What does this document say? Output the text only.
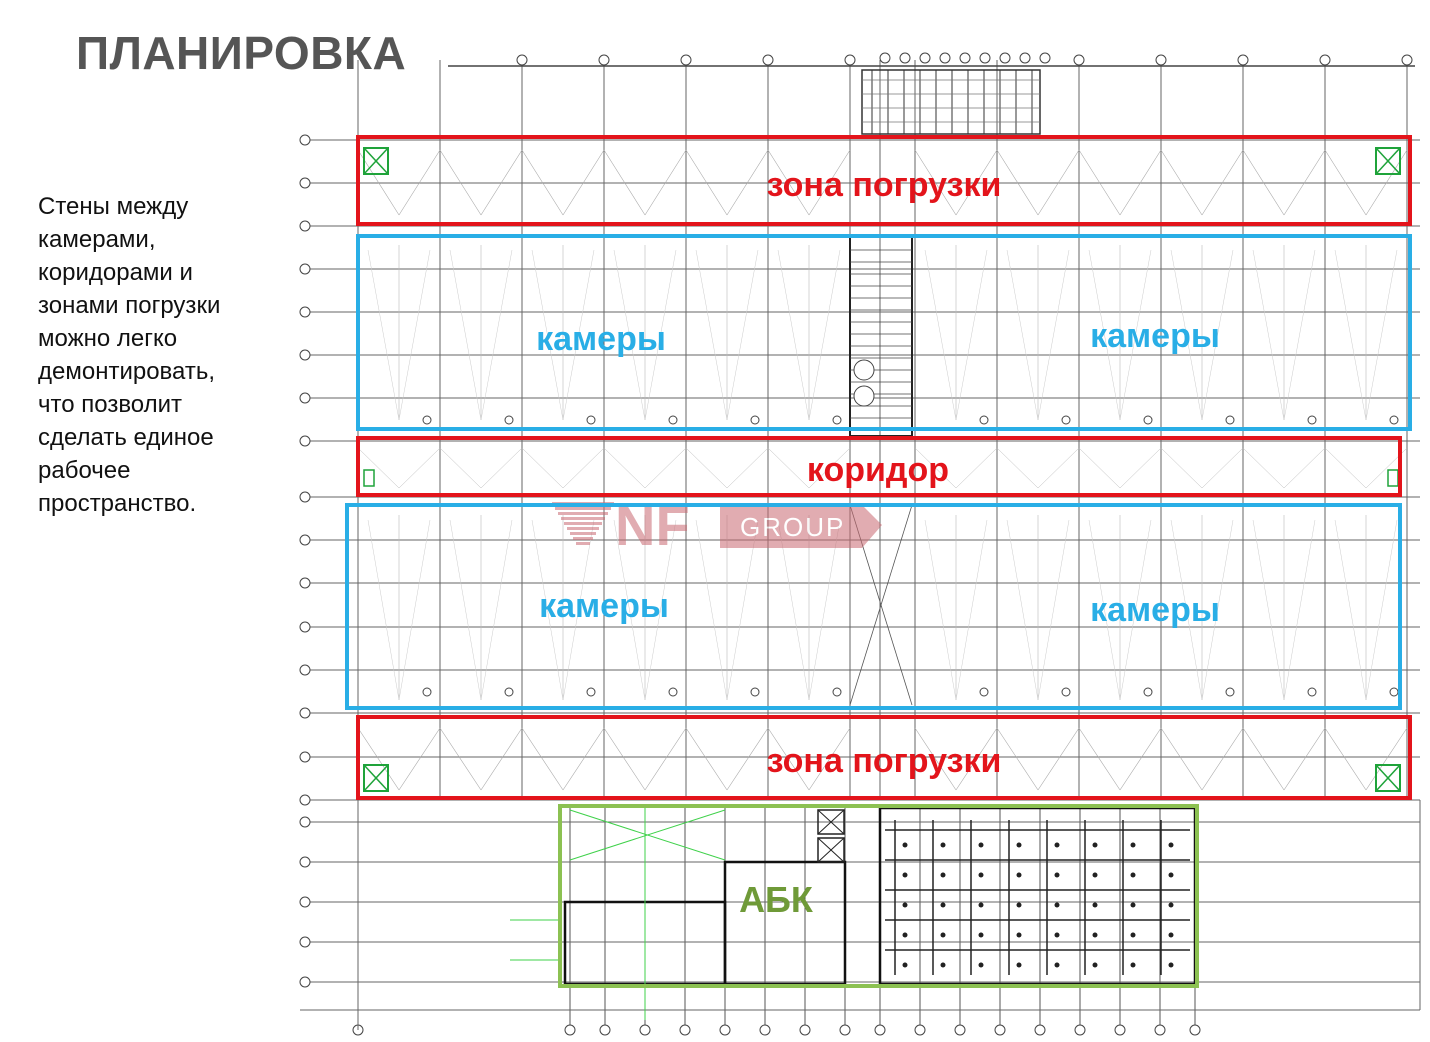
ПЛАНИРОВКА
Стены между камерами, коридорами и зонами погрузки можно легко демонтировать, что позволит сделать единое рабочее пространство.	NF GROUP
зона погрузки
камеры	камеры
коридор
камеры	камеры
зона погрузки
АБК
